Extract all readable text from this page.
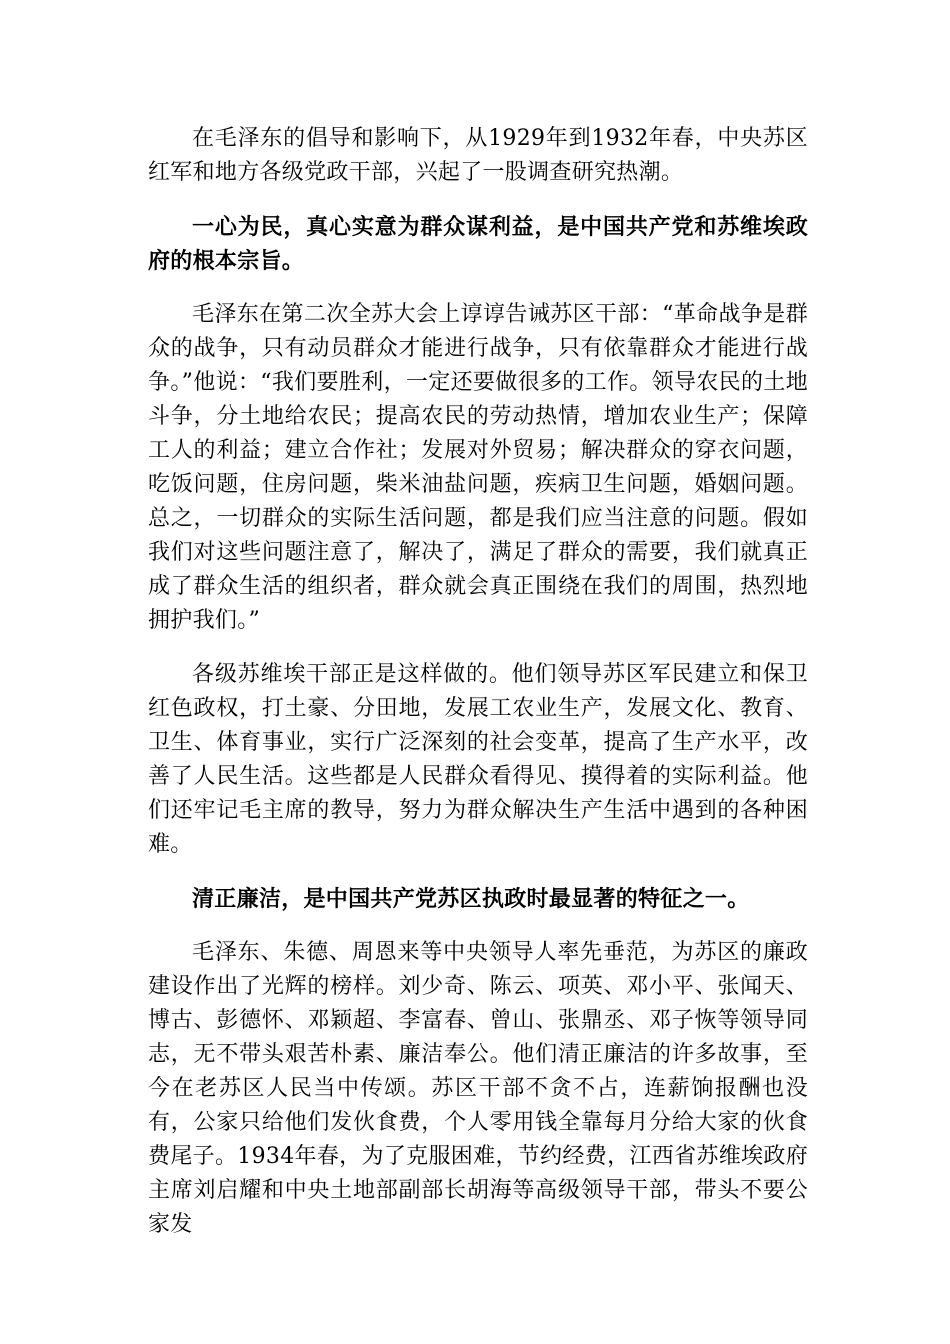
在毛泽东的倡导和影响下，从1929年到1932年春，中央苏区红军和地方各级党政干部，兴起了一股调查研究热潮。

一心为民，真心实意为群众谋利益，是中国共产党和苏维埃政府的根本宗旨。

毛泽东在第二次全苏大会上谆谆告诫苏区干部：“革命战争是群众的战争，只有动员群众才能进行战争，只有依靠群众才能进行战争。”他说：“我们要胜利，一定还要做很多的工作。领导农民的土地斗争，分土地给农民；提高农民的劳动热情，增加农业生产；保障工人的利益；建立合作社；发展对外贸易；解决群众的穿衣问题，吃饭问题，住房问题，柴米油盐问题，疾病卫生问题，婚姻问题。总之，一切群众的实际生活问题，都是我们应当注意的问题。假如我们对这些问题注意了，解决了，满足了群众的需要，我们就真正成了群众生活的组织者，群众就会真正围绕在我们的周围，热烈地拥护我们。”

各级苏维埃干部正是这样做的。他们领导苏区军民建立和保卫红色政权，打土豪、分田地，发展工农业生产，发展文化、教育、卫生、体育事业，实行广泛深刻的社会变革，提高了生产水平，改善了人民生活。这些都是人民群众看得见、摸得着的实际利益。他们还牢记毛主席的教导，努力为群众解决生产生活中遇到的各种困难。

清正廉洁，是中国共产党苏区执政时最显著的特征之一。

毛泽东、朱德、周恩来等中央领导人率先垂范，为苏区的廉政建设作出了光辉的榜样。刘少奇、陈云、项英、邓小平、张闻天、博古、彭德怀、邓颖超、李富春、曾山、张鼎丞、邓子恢等领导同志，无不带头艰苦朴素、廉洁奉公。他们清正廉洁的许多故事，至今在老苏区人民当中传颂。苏区干部不贪不占，连薪饷报酬也没有，公家只给他们发伙食费，个人零用钱全靠每月分给大家的伙食费尾子。1934年春，为了克服困难，节约经费，江西省苏维埃政府主席刘启耀和中央土地部副部长胡海等高级领导干部，带头不要公家发
